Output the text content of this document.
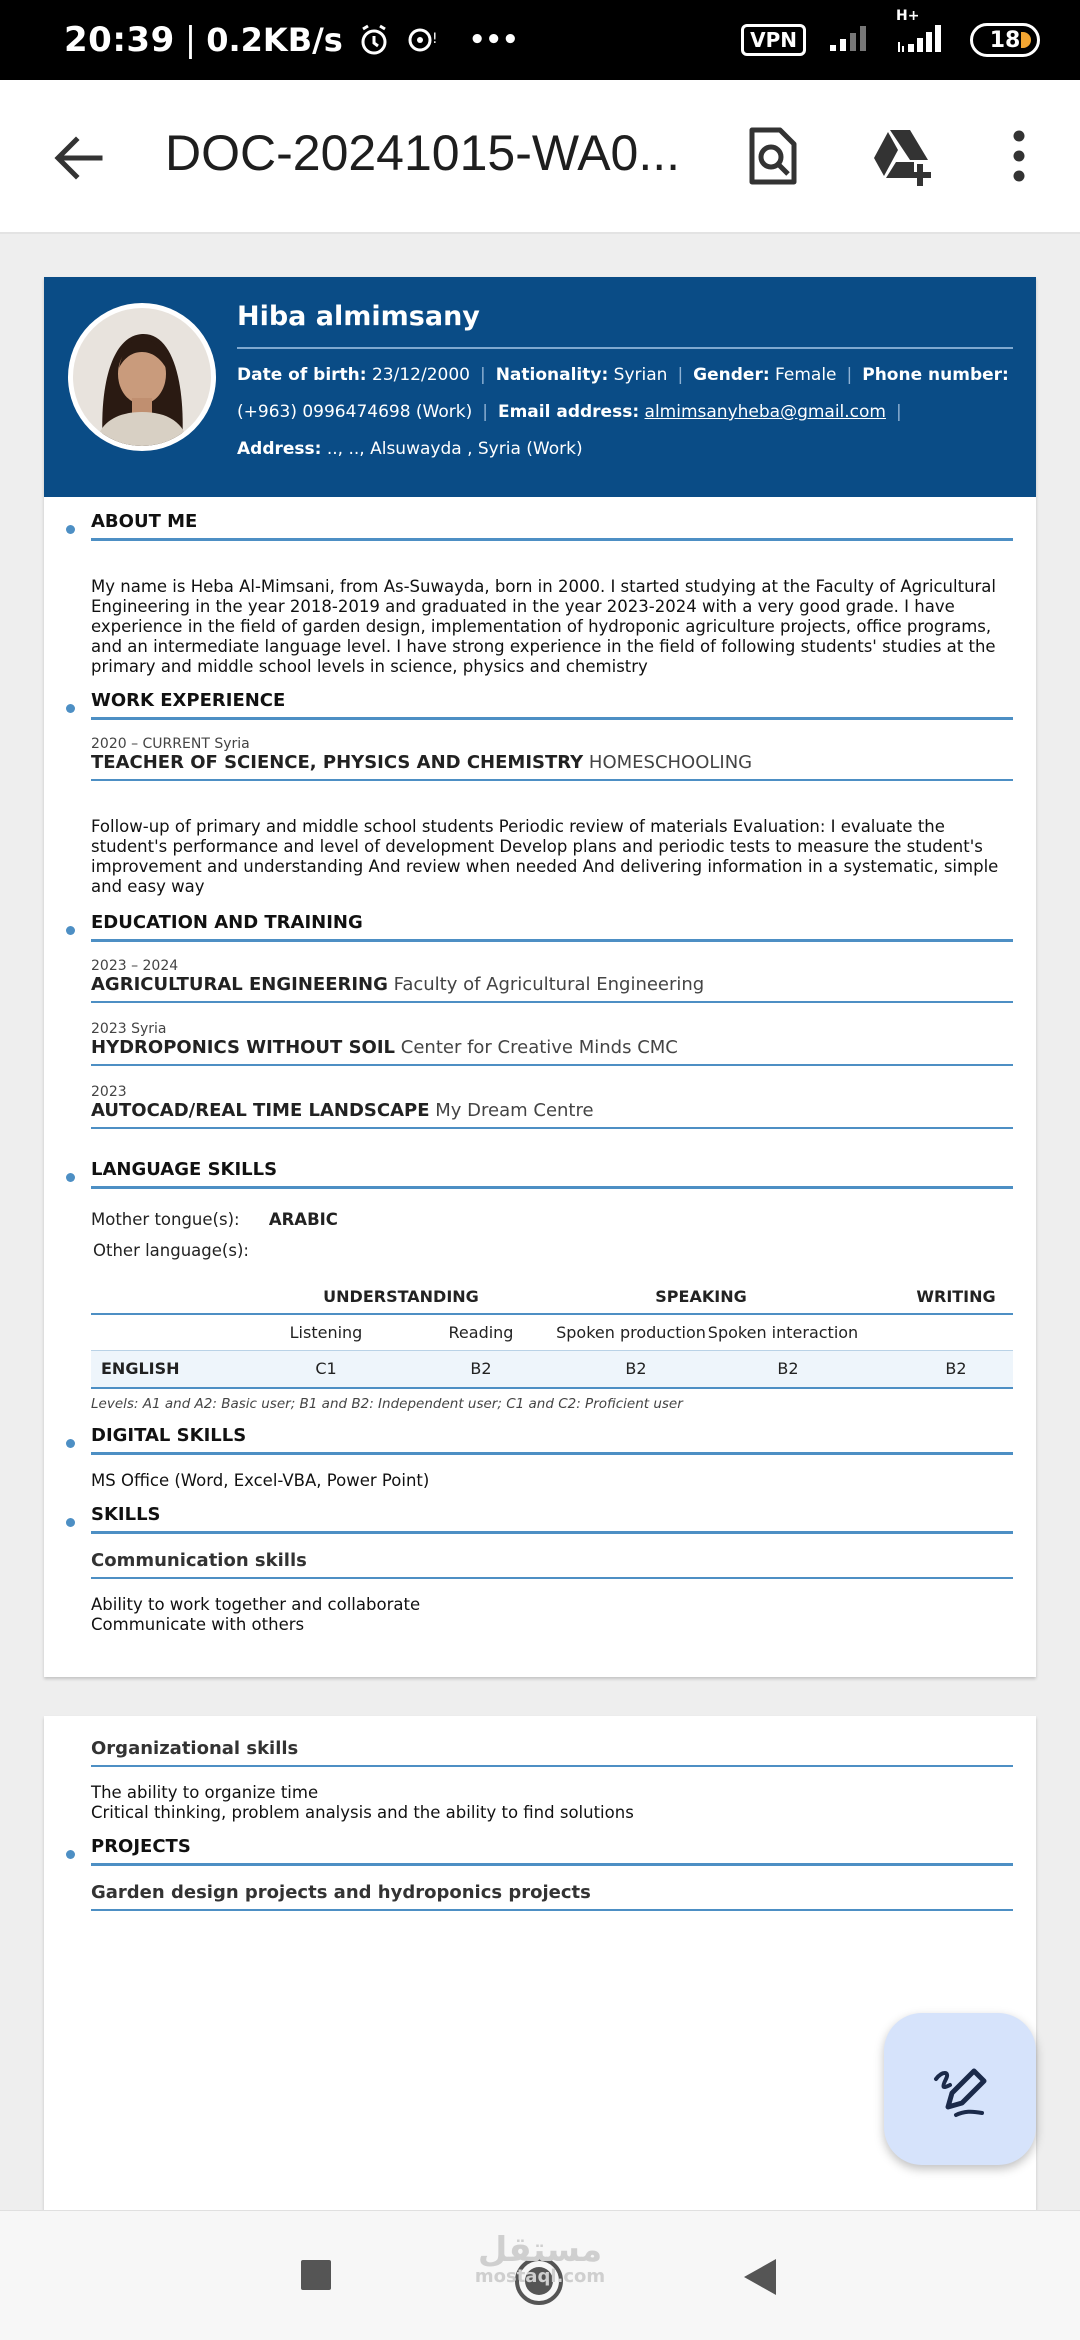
20:39 | 0.2KB/s	! •••	VPN
H+
18
DOC-20241015-WA0...
Hiba almimsany
Date of birth: 23/12/2000 | Nationality: Syrian | Gender: Female | Phone number:
(+963) 0996474698 (Work) | Email address: almimsanyheba@gmail.com |
Address: .., .., Alsuwayda , Syria (Work)
ABOUT ME
My name is Heba Al-Mimsani, from As-Suwayda, born in 2000. I started studying at the Faculty of Agricultural Engineering in the year 2018-2019 and graduated in the year 2023-2024 with a very good grade. I have experience in the field of garden design, implementation of hydroponic agriculture projects, office programs, and an intermediate language level. I have strong experience in the field of following students' studies at the primary and middle school levels in science, physics and chemistry
WORK EXPERIENCE
2020 – CURRENT Syria
TEACHER OF SCIENCE, PHYSICS AND CHEMISTRY HOMESCHOOLING
Follow-up of primary and middle school students Periodic review of materials Evaluation: I evaluate the student's performance and level of development Develop plans and periodic tests to measure the student's improvement and understanding And review when needed And delivering information in a systematic, simple and easy way
EDUCATION AND TRAINING
2023 – 2024
AGRICULTURAL ENGINEERING Faculty of Agricultural Engineering
2023 Syria
HYDROPONICS WITHOUT SOIL Center for Creative Minds CMC
2023
AUTOCAD/REAL TIME LANDSCAPE My Dream Centre
LANGUAGE SKILLS
Mother tongue(s): ARABIC
Other language(s):
UNDERSTANDING	SPEAKING	WRITING
Listening	Reading	Spoken production Spoken interaction
ENGLISH	C1	B2	B2	B2	B2
Levels: A1 and A2: Basic user; B1 and B2: Independent user; C1 and C2: Proficient user
DIGITAL SKILLS
MS Office (Word, Excel-VBA, Power Point)
SKILLS
Communication skills
Ability to work together and collaborate
Communicate with others
Organizational skills
The ability to organize time
Critical thinking, problem analysis and the ability to find solutions
PROJECTS
Garden design projects and hydroponics projects
مستقل
mostaql.com
